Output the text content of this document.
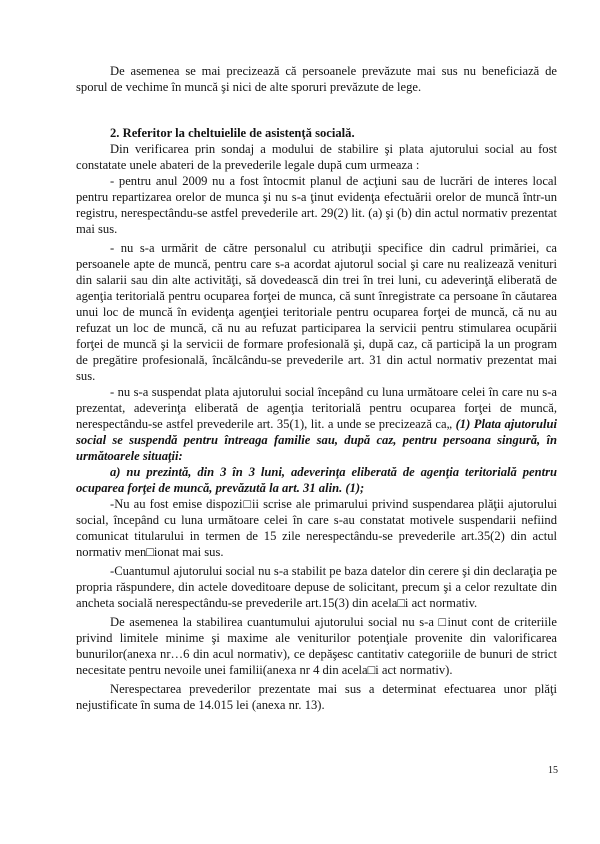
De asemenea se mai precizează că persoanele prevăzute mai sus nu beneficiază de sporul de vechime în muncă şi nici de alte sporuri prevăzute de lege.

2. Referitor la cheltuielile de asistenţă socială.

Din verificarea prin sondaj a modului de stabilire şi plata ajutorului social au fost constatate unele abateri de la prevederile legale după cum urmeaza :

- pentru anul 2009 nu a fost întocmit planul de acţiuni sau de lucrări de interes local pentru repartizarea orelor de munca şi nu s-a ţinut evidenţa efectuării orelor de muncă într-un registru, nerespectându-se astfel prevederile art. 29(2) lit. (a) şi (b) din actul normativ prezentat mai sus.

- nu s-a urmărit de către personalul cu atribuţii specifice din cadrul primăriei, ca persoanele apte de muncă, pentru care s-a acordat ajutorul social şi care nu realizează venituri din salarii sau din alte activităţi, să dovedească din trei în trei luni, cu adeverinţă eliberată de agenţia teritorială pentru ocuparea forţei de munca, că sunt înregistrate ca persoane în căutarea unui loc de muncă în evidenţa agenţiei teritoriale pentru ocuparea forţei de muncă, că nu au refuzat un loc de muncă, că nu au refuzat participarea la servicii pentru stimularea ocupării forţei de muncă şi la servicii de formare profesională şi, după caz, că participă la un program de pregătire profesională, încălcându-se prevederile art. 31 din actul normativ prezentat mai sus.

- nu s-a suspendat plata ajutorului social începând cu luna următoare celei în care nu s-a prezentat, adeverinţa eliberată de agenţia teritorială pentru ocuparea forţei de muncă, nerespectându-se astfel prevederile art. 35(1), lit. a unde se precizează ca„ (1) Plata ajutorului social se suspendă pentru întreaga familie sau, după caz, pentru persoana singură, în următoarele situaţii:

a) nu prezintă, din 3 în 3 luni, adeverinţa eliberată de agenţia teritorială pentru ocuparea forţei de muncă, prevăzută la art. 31 alin. (1);

-Nu au fost emise dispozi□ii scrise ale primarului privind suspendarea plăţii ajutorului social, începând cu luna următoare celei în care s-au constatat motivele suspendarii nefiind comunicat titularului in termen de 15 zile nerespectându-se prevederile art.35(2) din actul normativ men□ionat mai sus.

-Cuantumul ajutorului social nu s-a stabilit pe baza datelor din cerere şi din declaraţia pe propria răspundere, din actele doveditoare depuse de solicitant, precum şi a celor rezultate din ancheta socială nerespectându-se prevederile art.15(3) din acela□i act normativ.

De asemenea la stabilirea cuantumului ajutorului social nu s-a □inut cont de criteriile privind limitele minime şi maxime ale veniturilor potenţiale provenite din valorificarea bunurilor(anexa nr…6 din acul normativ), ce depăşesc cantitativ categoriile de bunuri de strict necesitate pentru nevoile unei familii(anexa nr 4 din acela□i act normativ).

Nerespectarea prevederilor prezentate mai sus a determinat efectuarea unor plăţi nejustificate în suma de 14.015 lei (anexa nr. 13).

15
